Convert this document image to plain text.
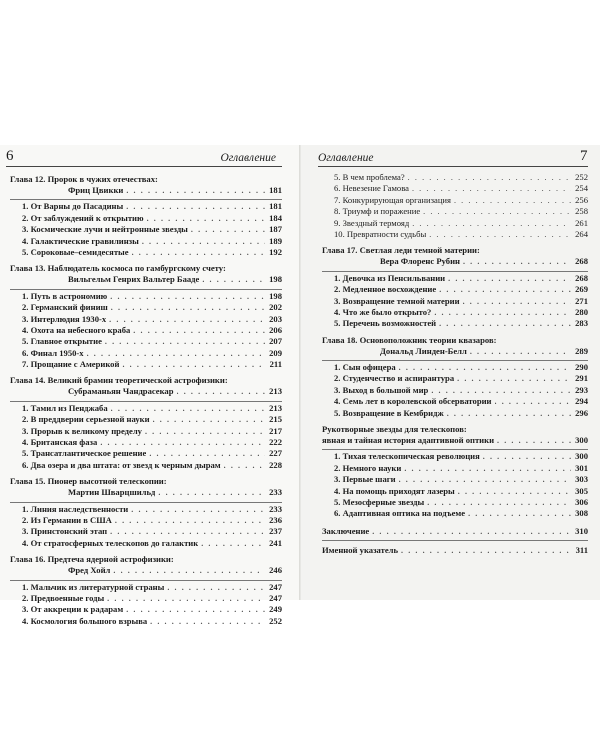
6	Оглавление	Оглавление	7
Глава 12. Пророк в чужих отечествах:
Фриц Цвикки . . .	181
1. От Варны до Пасадины . . .	181
2. От заблуждений к открытию . . .	184
3. Космические лучи и нейтронные звезды . . .	187
4. Галактические гравилинзы . . .	189
5. Сороковые–семидесятые . . .	192
Глава 13. Наблюдатель космоса по гамбургскому счету:
Вильгельм Генрих Вальтер Бааде . . .	198
1. Путь в астрономию . . .	198
2. Германский финиш . . .	202
3. Интерлюдия 1930-х . . .	203
4. Охота на небесного краба . . .	206
5. Главное открытие . . .	207
6. Финал 1950-х . . .	209
7. Прощание с Америкой . . .	211
Глава 14. Великий брамин теоретической астрофизики:
Субраманьян Чандрасекар . . .	213
1. Тамил из Пенджаба . . .	213
2. В преддверии серьезной науки . . .	215
3. Прорыв к великому пределу . . .	217
4. Британская фаза . . .	222
5. Трансатлантическое решение . . .	227
6. Два озера и два штата: от звезд к черным дырам . . .	228
Глава 15. Пионер высотной телескопии:
Мартин Шварцшильд . . .	233
1. Линия наследственности . . .	233
2. Из Германии в США . . .	236
3. Принстонский этап . . .	237
4. От стратосферных телескопов до галактик . . .	241
Глава 16. Предтеча ядерной астрофизики:
Фред Хойл . . .	246
1. Мальчик из литературной страны . . .	247
2. Предвоенные годы . . .	247
3. От аккреции к радарам . . .	249
4. Космология большого взрыва . . .	252
5. В чем проблема? . . .	252
6. Невезение Гамова . . .	254
7. Конкурирующая организация . . .	256
8. Триумф и поражение . . .	258
9. Звездный термояд . . .	261
10. Превратности судьбы . . .	264
Глава 17. Светлая леди темной материи:
Вера Флоренс Рубин . . .	268
1. Девочка из Пенсильвании . . .	268
2. Медленное восхождение . . .	269
3. Возвращение темной материи . . .	271
4. Что же было открыто? . . .	280
5. Перечень возможностей . . .	283
Глава 18. Основоположник теории квазаров:
Дональд Линден-Белл . . .	289
1. Сын офицера . . .	290
2. Студенчество и аспирантура . . .	291
3. Выход в большой мир . . .	293
4. Семь лет в королевской обсерватории . . .	294
5. Возвращение в Кембридж . . .	296
Рукотворные звезды для телескопов:
явная и тайная история адаптивной оптики . . .	300
1. Тихая телескопическая революция . . .	300
2. Немного науки . . .	301
3. Первые шаги . . .	303
4. На помощь приходят лазеры . . .	305
5. Мезосферные звезды . . .	306
6. Адаптивная оптика на подъеме . . .	308
Заключение . . .	310
Именной указатель . . .	311
